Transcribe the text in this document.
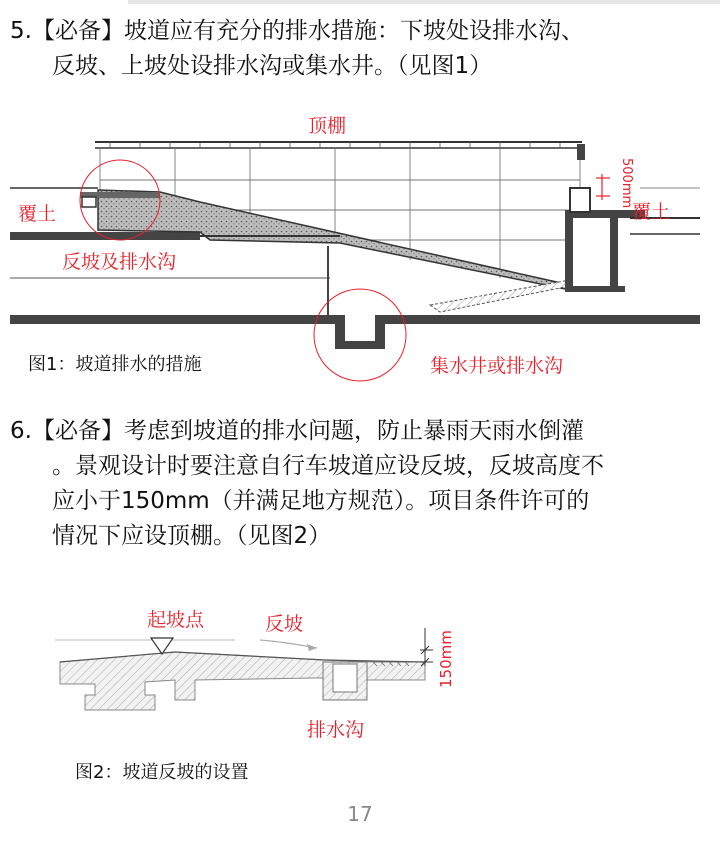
5.【必备】坡道应有充分的排水措施：下坡处设排水沟、
反坡、上坡处设排水沟或集水井。（见图1）
顶棚
覆土	覆土
500mm
反坡及排水沟
集水井或排水沟
图1：坡道排水的措施
6.【必备】考虑到坡道的排水问题，防止暴雨天雨水倒灌
。景观设计时要注意自行车坡道应设反坡，反坡高度不
应小于150mm（并满足地方规范）。项目条件许可的
情况下应设顶棚。（见图2）
起坡点	反坡
150mm
排水沟
图2：坡道反坡的设置
17
